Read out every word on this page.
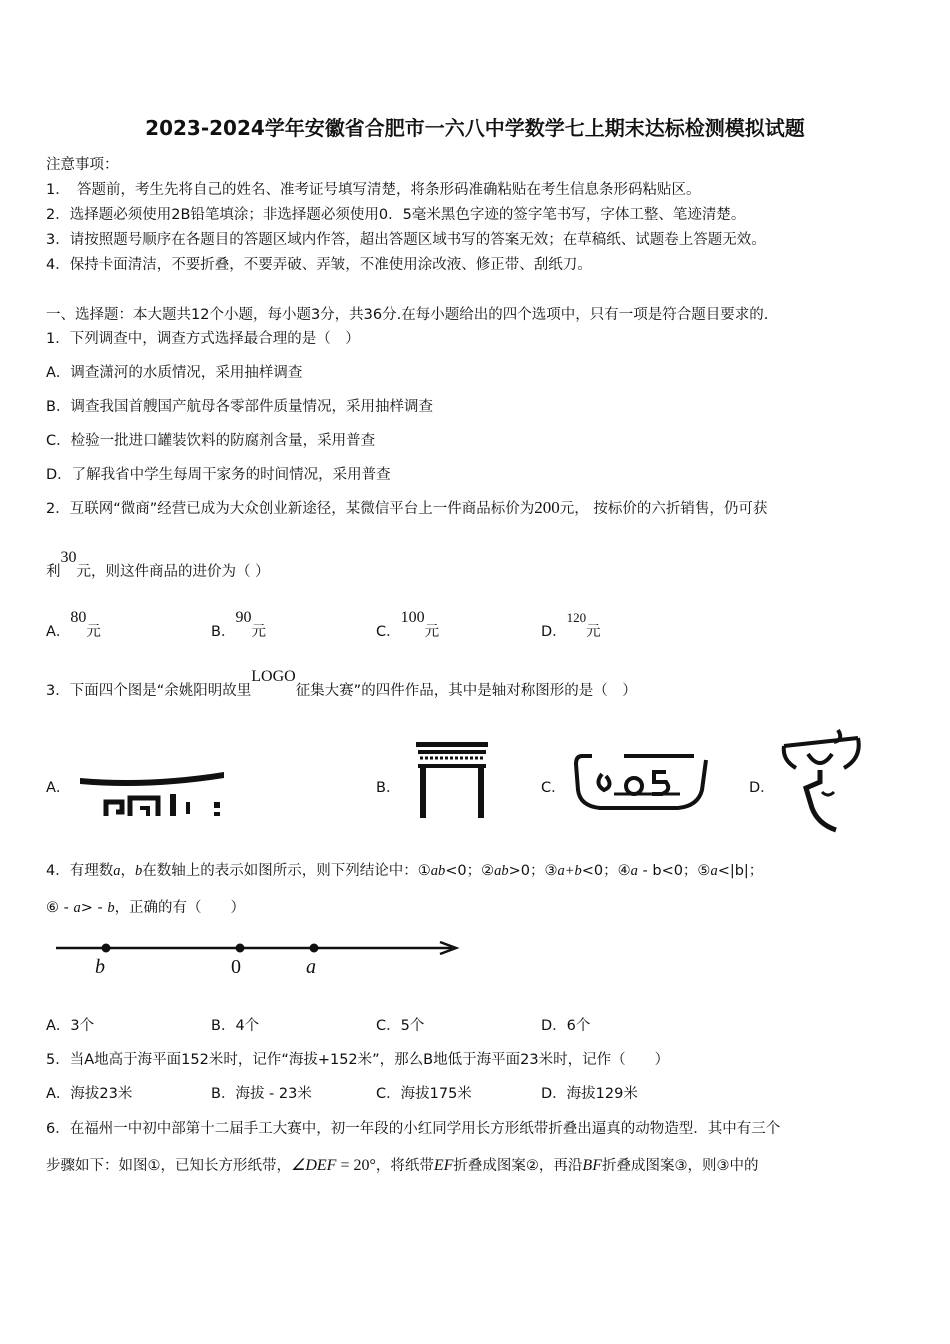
2023-2024学年安徽省合肥市一六八中学数学七上期末达标检测模拟试题
注意事项：
1．　答题前，考生先将自己的姓名、准考证号填写清楚，将条形码准确粘贴在考生信息条形码粘贴区。
2．选择题必须使用2B铅笔填涂；非选择题必须使用0．5毫米黑色字迹的签字笔书写，字体工整、笔迹清楚。
3．请按照题号顺序在各题目的答题区域内作答，超出答题区域书写的答案无效；在草稿纸、试题卷上答题无效。
4．保持卡面清洁，不要折叠，不要弄破、弄皱，不准使用涂改液、修正带、刮纸刀。
一、选择题：本大题共12个小题，每小题3分，共36分.在每小题给出的四个选项中，只有一项是符合题目要求的.
1．下列调查中，调查方式选择最合理的是（　）
A．调查潇河的水质情况，采用抽样调查
B．调查我国首艘国产航母各零部件质量情况，采用抽样调查
C．检验一批进口罐装饮料的防腐剂含量，采用普查
D．了解我省中学生每周干家务的时间情况，采用普查
2．互联网“微商”经营已成为大众创业新途径，某微信平台上一件商品标价为200元， 按标价的六折销售，仍可获
利30元，则这件商品的进价为（ ）
A．80元	B．90元	C．100元	D．120元
3．下面四个图是“余姚阳明故里LOGO征集大赛”的四件作品，其中是轴对称图形的是（　）
A．	B．	C．	D．
4．有理数a，b在数轴上的表示如图所示，则下列结论中：①ab<0；②ab>0；③a+b<0；④a - b<0；⑤a<|b|；
⑥ - a> - b，正确的有（　　）
b	0	a
A．3个	B．4个	C．5个	D．6个
5．当A地高于海平面152米时，记作“海拔+152米”，那么B地低于海平面23米时，记作（　　）
A．海拔23米	B．海拔 - 23米	C．海拔175米	D．海拔129米
6．在福州一中初中部第十二届手工大赛中，初一年段的小红同学用长方形纸带折叠出逼真的动物造型．其中有三个
步骤如下：如图①，已知长方形纸带，∠DEF = 20°，将纸带EF折叠成图案②，再沿BF折叠成图案③，则③中的
